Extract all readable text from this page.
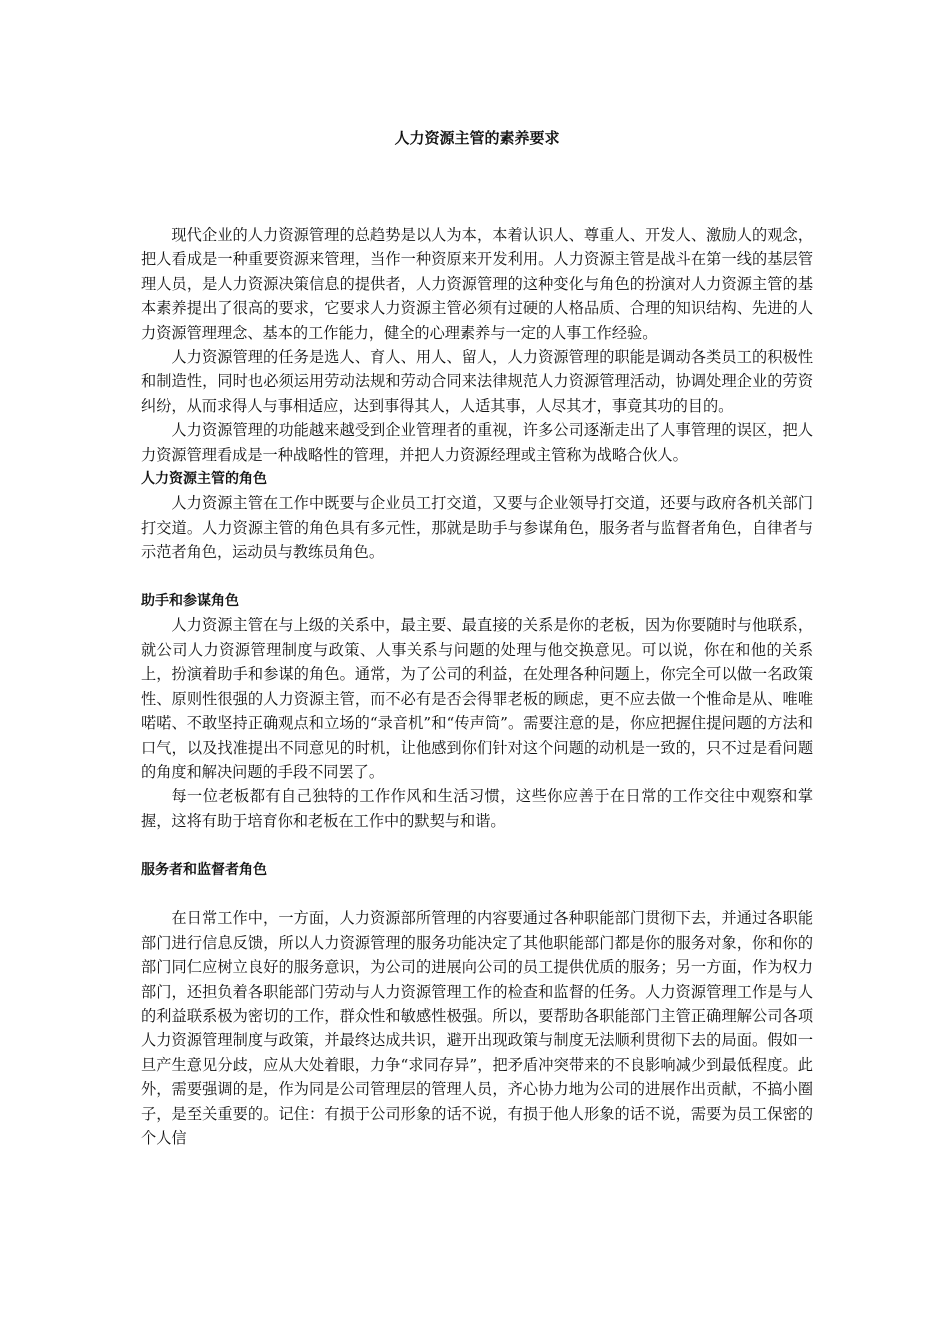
人力资源主管的素养要求

现代企业的人力资源管理的总趋势是以人为本，本着认识人、尊重人、开发人、激励人的观念，把人看成是一种重要资源来管理，当作一种资原来开发利用。人力资源主管是战斗在第一线的基层管理人员，是人力资源决策信息的提供者，人力资源管理的这种变化与角色的扮演对人力资源主管的基本素养提出了很高的要求，它要求人力资源主管必须有过硬的人格品质、合理的知识结构、先进的人力资源管理理念、基本的工作能力，健全的心理素养与一定的人事工作经验。

人力资源管理的任务是选人、育人、用人、留人，人力资源管理的职能是调动各类员工的积极性和制造性，同时也必须运用劳动法规和劳动合同来法律规范人力资源管理活动，协调处理企业的劳资纠纷，从而求得人与事相适应，达到事得其人，人适其事，人尽其才，事竟其功的目的。

人力资源管理的功能越来越受到企业管理者的重视，许多公司逐渐走出了人事管理的误区，把人力资源管理看成是一种战略性的管理，并把人力资源经理或主管称为战略合伙人。

人力资源主管的角色

人力资源主管在工作中既要与企业员工打交道，又要与企业领导打交道，还要与政府各机关部门打交道。人力资源主管的角色具有多元性，那就是助手与参谋角色，服务者与监督者角色，自律者与示范者角色，运动员与教练员角色。

助手和参谋角色

人力资源主管在与上级的关系中，最主要、最直接的关系是你的老板，因为你要随时与他联系，就公司人力资源管理制度与政策、人事关系与问题的处理与他交换意见。可以说，你在和他的关系上，扮演着助手和参谋的角色。通常，为了公司的利益，在处理各种问题上，你完全可以做一名政策性、原则性很强的人力资源主管，而不必有是否会得罪老板的顾虑，更不应去做一个惟命是从、唯唯喏喏、不敢坚持正确观点和立场的“录音机”和“传声筒”。需要注意的是，你应把握住提问题的方法和口气，以及找准提出不同意见的时机，让他感到你们针对这个问题的动机是一致的，只不过是看问题的角度和解决问题的手段不同罢了。

每一位老板都有自己独特的工作作风和生活习惯，这些你应善于在日常的工作交往中观察和掌握，这将有助于培育你和老板在工作中的默契与和谐。

服务者和监督者角色

在日常工作中，一方面，人力资源部所管理的内容要通过各种职能部门贯彻下去，并通过各职能部门进行信息反馈，所以人力资源管理的服务功能决定了其他职能部门都是你的服务对象，你和你的部门同仁应树立良好的服务意识，为公司的进展向公司的员工提供优质的服务；另一方面，作为权力部门，还担负着各职能部门劳动与人力资源管理工作的检查和监督的任务。人力资源管理工作是与人的利益联系极为密切的工作，群众性和敏感性极强。所以，要帮助各职能部门主管正确理解公司各项人力资源管理制度与政策，并最终达成共识，避开出现政策与制度无法顺利贯彻下去的局面。假如一旦产生意见分歧，应从大处着眼，力争“求同存异”，把矛盾冲突带来的不良影响减少到最低程度。此外，需要强调的是，作为同是公司管理层的管理人员，齐心协力地为公司的进展作出贡献，不搞小圈子，是至关重要的。记住：有损于公司形象的话不说，有损于他人形象的话不说，需要为员工保密的个人信
